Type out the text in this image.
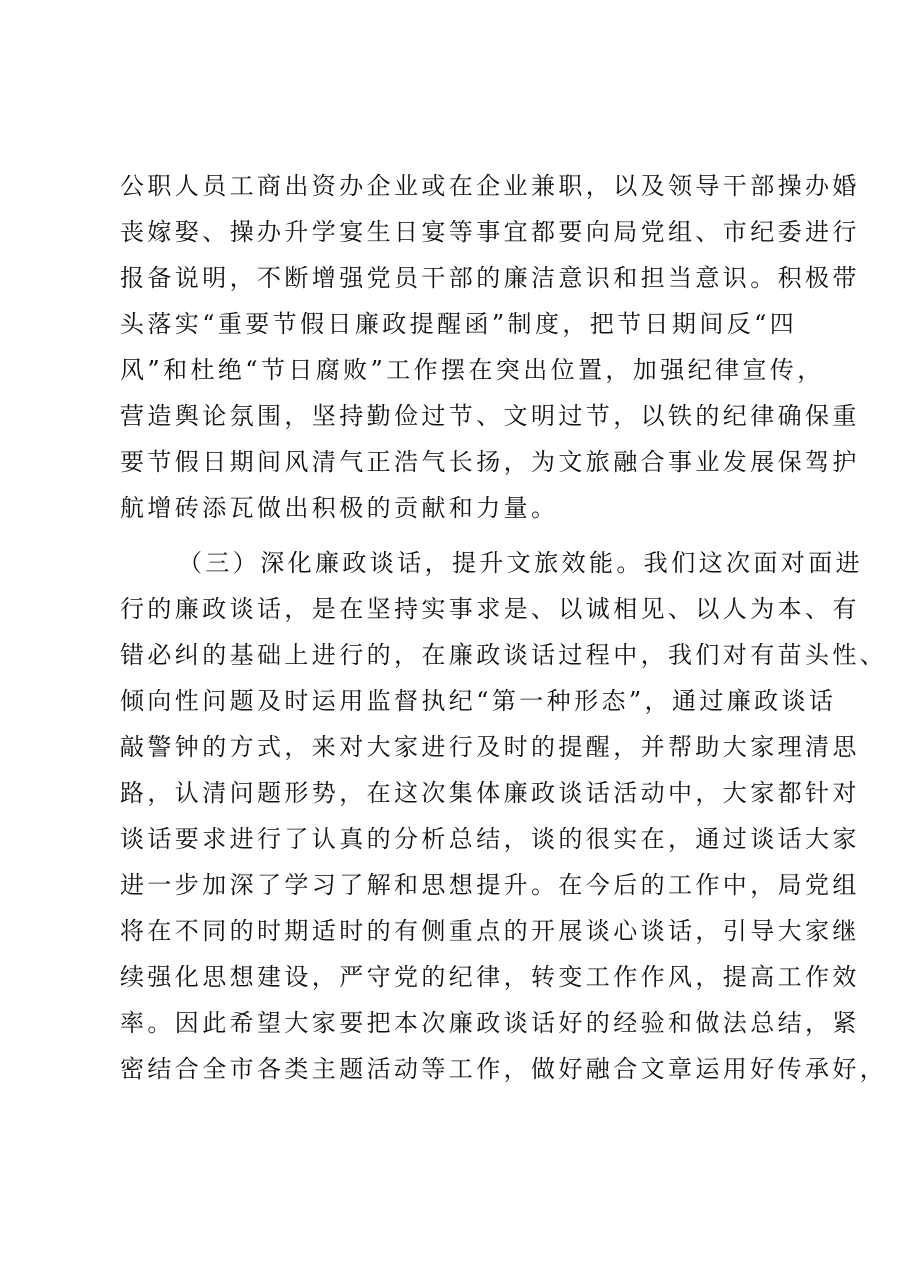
公职人员工商出资办企业或在企业兼职，以及领导干部操办婚
丧嫁娶、操办升学宴生日宴等事宜都要向局党组、市纪委进行
报备说明，不断增强党员干部的廉洁意识和担当意识。积极带
头落实“重要节假日廉政提醒函”制度，把节日期间反“四
风”和杜绝“节日腐败”工作摆在突出位置，加强纪律宣传，
营造舆论氛围，坚持勤俭过节、文明过节，以铁的纪律确保重
要节假日期间风清气正浩气长扬，为文旅融合事业发展保驾护
航增砖添瓦做出积极的贡献和力量。
（三）深化廉政谈话，提升文旅效能。我们这次面对面进
行的廉政谈话，是在坚持实事求是、以诚相见、以人为本、有
错必纠的基础上进行的，在廉政谈话过程中，我们对有苗头性、
倾向性问题及时运用监督执纪“第一种形态”，通过廉政谈话
敲警钟的方式，来对大家进行及时的提醒，并帮助大家理清思
路，认清问题形势，在这次集体廉政谈话活动中，大家都针对
谈话要求进行了认真的分析总结，谈的很实在，通过谈话大家
进一步加深了学习了解和思想提升。在今后的工作中，局党组
将在不同的时期适时的有侧重点的开展谈心谈话，引导大家继
续强化思想建设，严守党的纪律，转变工作作风，提高工作效
率。因此希望大家要把本次廉政谈话好的经验和做法总结，紧
密结合全市各类主题活动等工作，做好融合文章运用好传承好，
